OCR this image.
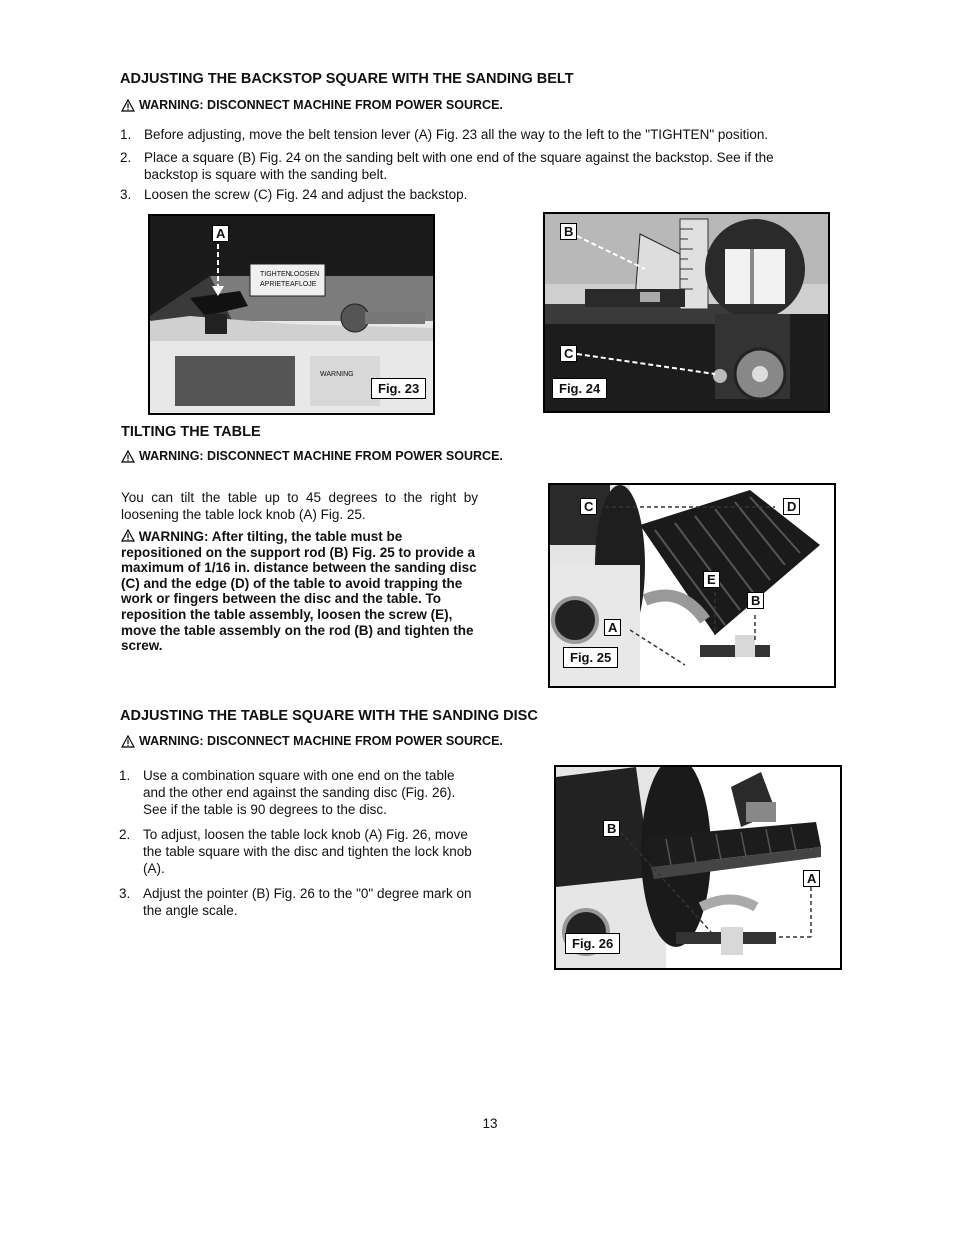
ADJUSTING THE BACKSTOP SQUARE WITH THE SANDING BELT
WARNING: DISCONNECT MACHINE FROM POWER SOURCE.
1. Before adjusting, move the belt tension lever (A) Fig. 23 all the way to the left to the "TIGHTEN" position.
2. Place a square (B) Fig. 24 on the sanding belt with one end of the square against the backstop. See if the backstop is square with the sanding belt.
3. Loosen the screw (C) Fig. 24 and adjust the backstop.
TIGHTEN
APRIETE
LOOSEN
AFLOJE
WARNING
A
Fig. 23
B
C
Fig. 24
TILTING THE TABLE
WARNING: DISCONNECT MACHINE FROM POWER SOURCE.
You can tilt the table up to 45 degrees to the right by loosening the table lock knob (A) Fig. 25.
WARNING: After tilting, the table must be repositioned on the support rod (B) Fig. 25 to provide a maximum of 1/16 in. distance between the sanding disc (C) and the edge (D) of the table to avoid trapping the work or fingers between the disc and the table. To reposition the table assembly, loosen the screw (E), move the table assembly on the rod (B) and tighten the screw.
C	D
E
B
A
Fig. 25
ADJUSTING THE TABLE SQUARE WITH THE SANDING DISC
WARNING: DISCONNECT MACHINE FROM POWER SOURCE.
1. Use a combination square with one end on the table and the other end against the sanding disc (Fig. 26). See if the table is 90 degrees to the disc.
2. To adjust, loosen the table lock knob (A) Fig. 26, move the table square with the disc and tighten the lock knob (A).
3. Adjust the pointer (B) Fig. 26 to the "0" degree mark on the angle scale.
B
A
Fig. 26
13
